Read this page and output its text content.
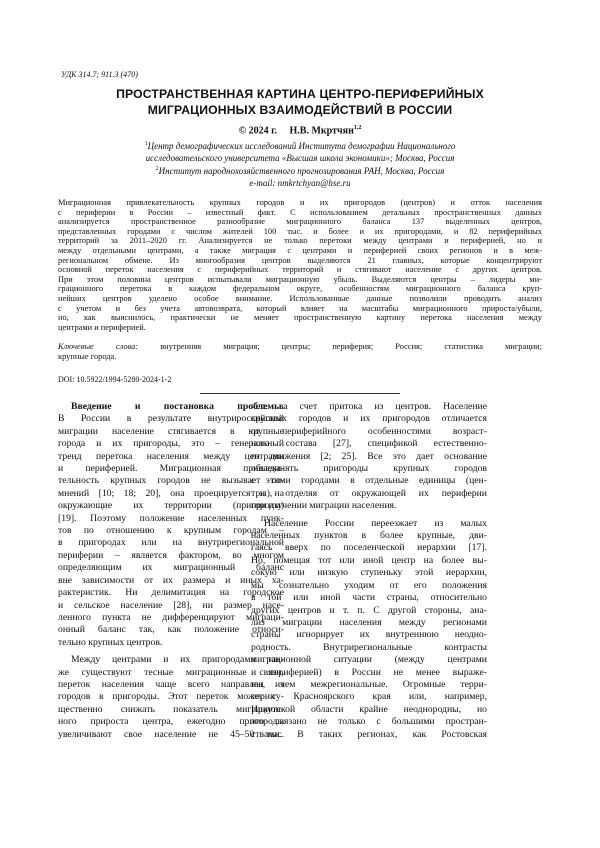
УДК 314.7; 911.3 (470)
ПРОСТРАНСТВЕННАЯ КАРТИНА ЦЕНТРО-ПЕРИФЕРИЙНЫХ
МИГРАЦИОННЫХ ВЗАИМОДЕЙСТВИЙ В РОССИИ
© 2024 г. Н.В. Мкртчян$^{1,2}$
$^1$Центр демографических исследований Института демографии Национального
исследовательского университета «Высшая школа экономики»; Москва, Россия
$^2$Институт народнохозяйственного прогнозирования РАН, Москва, Россия
e-mail: nmkrtchyan@hse.ru
Миграционная привлекательность крупных городов и их пригородов (центров) и отток населения
с периферии в России – известный факт. С использованием детальных пространственных данных
анализируется пространственное разнообразие миграционного баланса 137 выделенных центров,
представленных городами с числом жителей 100 тыс. и более и их пригородами, и 82 периферийных
территорий за 2011–2020 гг. Анализируется не только перетоки между центрами и периферией, но и
между отдельными центрами, а также миграция с центрами и периферией своих регионов и в меж-
региональном обмене. Из многообразия центров выделяются 21 главных, которые концентрируют
основной переток населения с периферийных территорий и стягивают население с других центров.
При этом половина центров испытывали миграционную убыль. Выделяются центры – лидеры ми-
грационного перетока в каждом федеральном округе, особенностям миграционного баланса круп-
нейших центров уделено особое внимание. Использованные данные позволили проводить анализ
с учетом и без учета автовозврата, который влияет на масштабы миграционного прироста/убыли,
но, как выяснилось, практически не меняет пространственную картину перетока населения между
центрами и периферией.
Ключевые слова:	внутренняя миграция; центры; периферия; Россия; статистика миграции;
крупные города.
DOI: 10.5922/1994-5280-2024-1-2
Введение и постановка проблемы.
В России в результате внутрироссийской
миграции население стягивается в крупные
города и их пригороды, это – генеральный
тренд перетока населения между центрами
и периферией. Миграционная привлека-
тельность крупных городов не вызывает со-
мнений [10; 18; 20], она проецируется и на
окружающие их территории (пригороды)
[19]. Поэтому положение населенных пунк-
тов по отношению к крупным городам –
в пригородах или на внутрирегиональной
периферии – является фактором, во многом
определяющим их миграционный баланс
вне зависимости от их размера и иных ха-
рактеристик. Ни делимитация на городское
и сельское население [28], ни размер насе-
ленного пункта не дифференцируют миграци-
онный баланс так, как положение относи-
тельно крупных центров.
Между центрами и их пригородами так-
же существуют тесные миграционные связи,
переток населения чаще всего направлен из
городов в пригороды. Этот переток может су-
щественно снижать показатель миграцион-
ного прироста центра, ежегодно пригороды
увеличивают свое население не 45–50 тыс.
чел. за счет притока из центров. Население
крупных городов и их пригородов отличается
от периферийного особенностями возраст-
ного состава [27], спецификой естественно-
го движения [2; 25]. Все это дает основание
объединять пригороды крупных городов
с этими городами в отдельные единицы (цен-
тры), отделяя от окружающей их периферии
при изучении миграции населения.
Население России переезжает из малых
населенных пунктов в более крупные, дви-
гаясь вверх по поселенческой иерархии [17].
Но, помещая тот или иной центр на более вы-
сокую или низкую ступеньку этой иерархии,
мы сознательно уходим от его положения
в той или иной части страны, относительно
других центров и т. п. С другой стороны, ана-
лиз миграции населения между регионами
страны игнорирует их внутреннюю неодно-
родность. Внутрирегиональные контрасты
миграционной ситуации (между центрами
и периферией) в России не менее выраже-
ны, чем межрегиональные. Огромные терри-
тории Красноярского края или, например,
Иркутской области крайне неоднородны, но
это связано не только с большими простран-
ствами. В таких регионах, как Ростовская
